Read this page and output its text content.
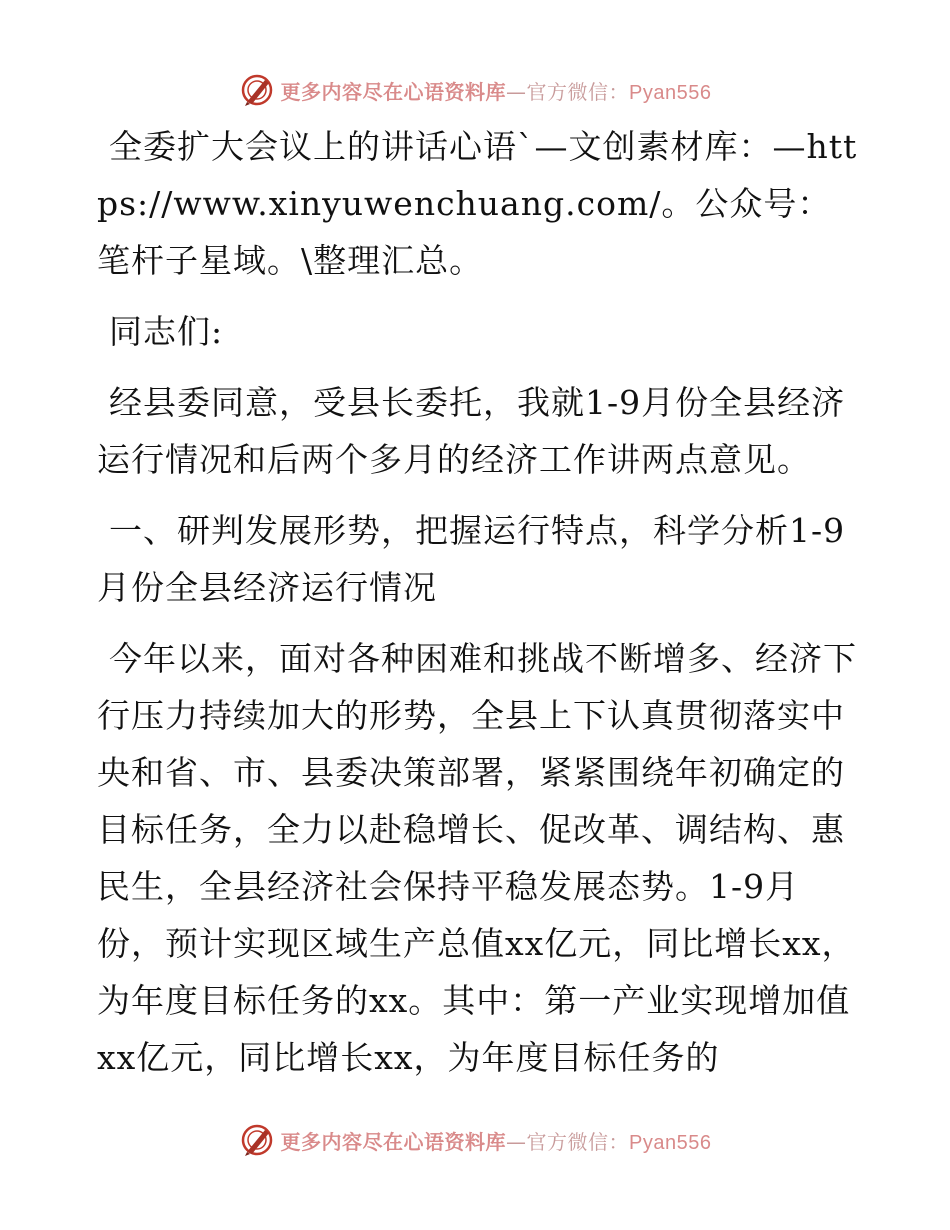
更多内容尽在心语资料库—官方微信：Pyan556

全委扩大会议上的讲话心语`—文创素材库：—https://www.xinyuwenchuang.com/。公众号：笔杆子星域。\整理汇总。

同志们:

经县委同意，受县长委托，我就1-9月份全县经济运行情况和后两个多月的经济工作讲两点意见。

一、研判发展形势，把握运行特点，科学分析1-9月份全县经济运行情况

今年以来，面对各种困难和挑战不断增多、经济下行压力持续加大的形势，全县上下认真贯彻落实中央和省、市、县委决策部署，紧紧围绕年初确定的目标任务，全力以赴稳增长、促改革、调结构、惠民生，全县经济社会保持平稳发展态势。1-9月份，预计实现区域生产总值xx亿元，同比增长xx，为年度目标任务的xx。其中：第一产业实现增加值xx亿元，同比增长xx，为年度目标任务的

更多内容尽在心语资料库—官方微信：Pyan556
